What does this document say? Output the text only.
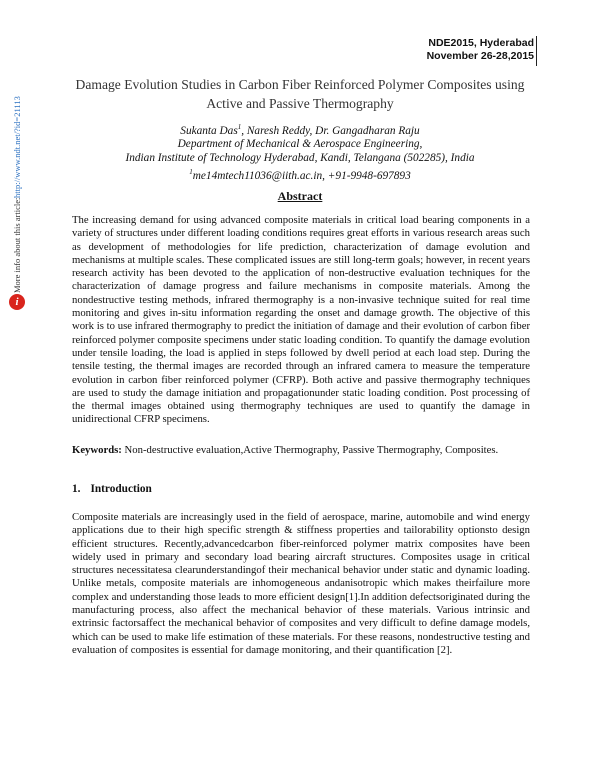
NDE2015, Hyderabad
November 26-28,2015
More info about this article:
http://www.ndt.net/?id=21113
i
Damage Evolution Studies in Carbon Fiber Reinforced Polymer Composites using
Active and Passive Thermography
Sukanta Das$^1$, Naresh Reddy, Dr. Gangadharan Raju
Department of Mechanical & Aerospace Engineering,
Indian Institute of Technology Hyderabad, Kandi, Telangana (502285), India
$^1$me14mtech11036@iith.ac.in, +91-9948-697893
Abstract
The increasing demand for using advanced composite materials in critical load bearing components in a variety of structures under different loading conditions requires great efforts in various research areas such as development of methodologies for life prediction, characterization of damage evolution and mechanisms at multiple scales. These complicated issues are still long-term goals; however, in recent years research activity has been devoted to the application of non-destructive evaluation techniques for the characterization of damage progress and failure mechanisms in composite materials. Among the nondestructive testing methods, infrared thermography is a non-invasive technique suited for real time monitoring and gives in-situ information regarding the onset and damage growth. The objective of this work is to use infrared thermography to predict the initiation of damage and their evolution of carbon fiber reinforced polymer composite specimens under static loading condition. To quantify the damage evolution under tensile loading, the load is applied in steps followed by dwell period at each load step. During the tensile testing, the thermal images are recorded through an infrared camera to measure the temperature evolution in carbon fiber reinforced polymer (CFRP). Both active and passive thermography techniques are used to study the damage initiation and propagationunder static loading condition. Post processing of the thermal images obtained using thermography techniques are used to quantify the damage in unidirectional CFRP specimens.
Keywords: Non-destructive evaluation,Active Thermography, Passive Thermography, Composites.
1. Introduction
Composite materials are increasingly used in the field of aerospace, marine, automobile and wind energy applications due to their high specific strength & stiffness properties and tailorability optionsto design efficient structures. Recently,advancedcarbon fiber-reinforced polymer matrix composites have been widely used in primary and secondary load bearing aircraft structures. Composites usage in critical structures necessitatesa clearunderstandingof their mechanical behavior under static and dynamic loading. Unlike metals, composite materials are inhomogeneous andanisotropic which makes theirfailure more complex and understanding those leads to more efficient design[1].In addition defectsoriginated during the manufacturing process, also affect the mechanical behavior of these materials. Various intrinsic and extrinsic factorsaffect the mechanical behavior of composites and very difficult to define damage models, which can be used to make life estimation of these materials. For these reasons, nondestructive testing and evaluation of composites is essential for damage monitoring, and their quantification [2].
